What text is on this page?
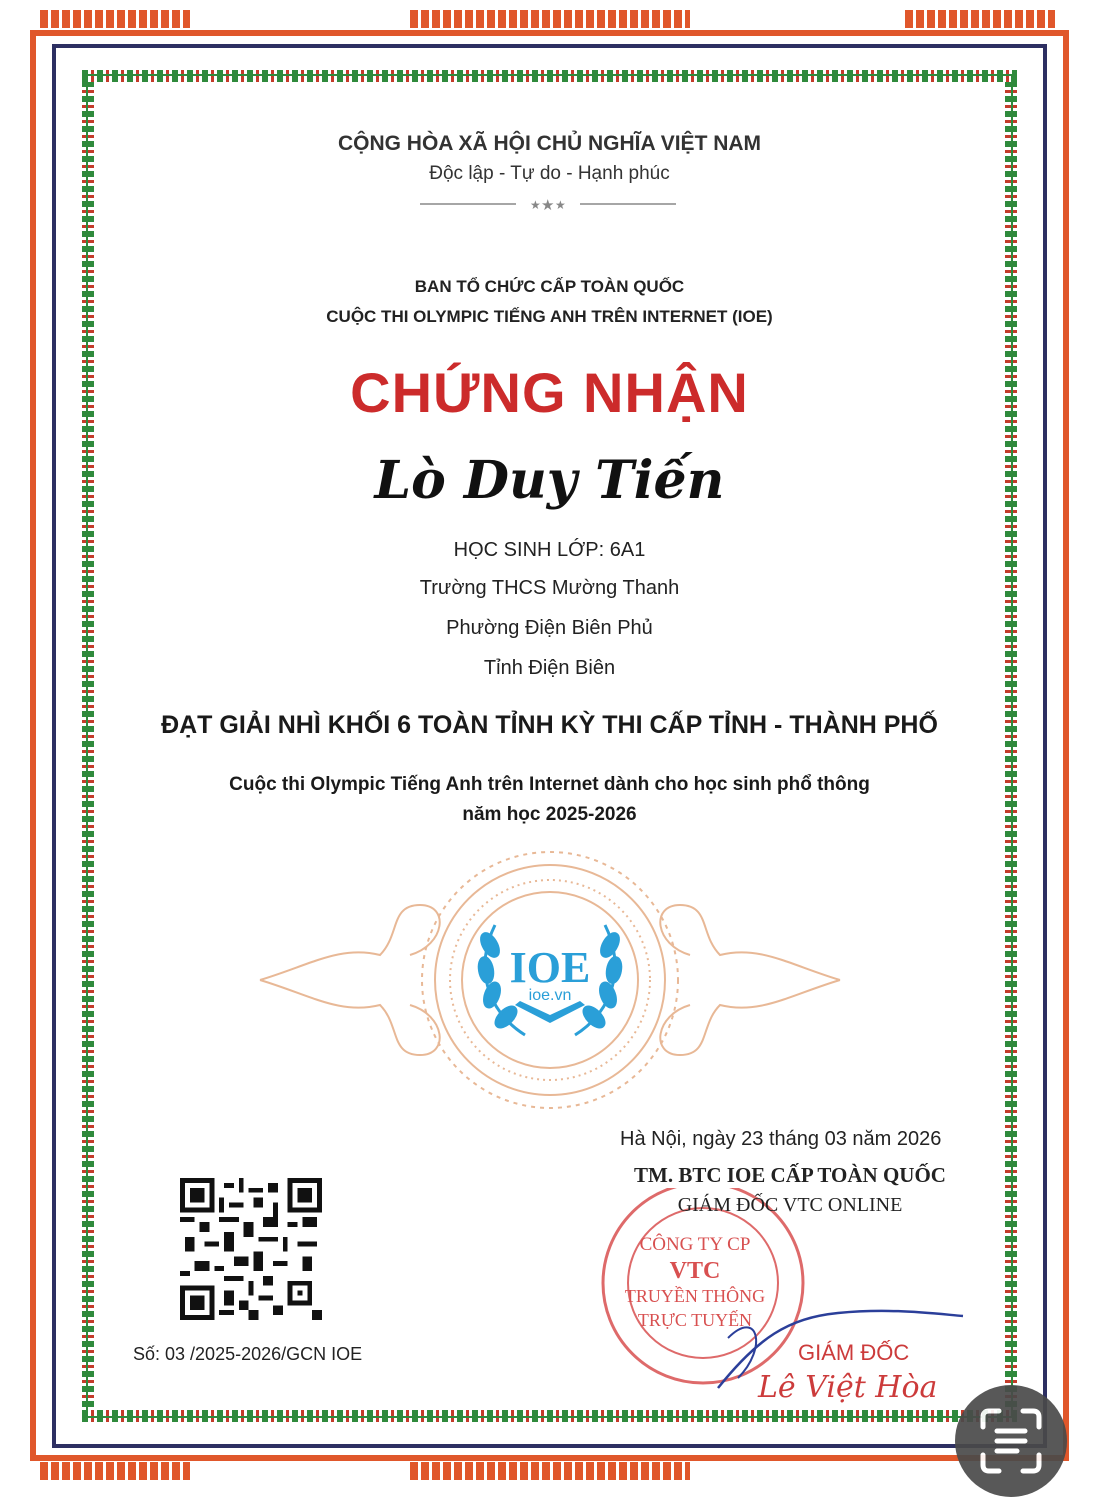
CỘNG HÒA XÃ HỘI CHỦ NGHĨA VIỆT NAM
Độc lập - Tự do - Hạnh phúc
★ ★ ★
BAN TỔ CHỨC CẤP TOÀN QUỐC
CUỘC THI OLYMPIC TIẾNG ANH TRÊN INTERNET (IOE)
CHỨNG NHẬN
Lò Duy Tiến
HỌC SINH LỚP: 6A1
Trường THCS Mường Thanh
Phường Điện Biên Phủ
Tỉnh Điện Biên
ĐẠT GIẢI NHÌ KHỐI 6 TOÀN TỈNH KỲ THI CẤP TỈNH - THÀNH PHỐ
Cuộc thi Olympic Tiếng Anh trên Internet dành cho học sinh phổ thông
năm học 2025-2026
IOE
ioe.vn
Hà Nội, ngày 23 tháng 03 năm 2026
CÔNG TY CP
VTC
TRUYỀN THÔNG
TRỰC TUYẾN
TM. BTC IOE CẤP TOÀN QUỐC
GIÁM ĐỐC VTC ONLINE
GIÁM ĐỐC
Lê Việt Hòa
Số: 03 /2025-2026/GCN IOE
